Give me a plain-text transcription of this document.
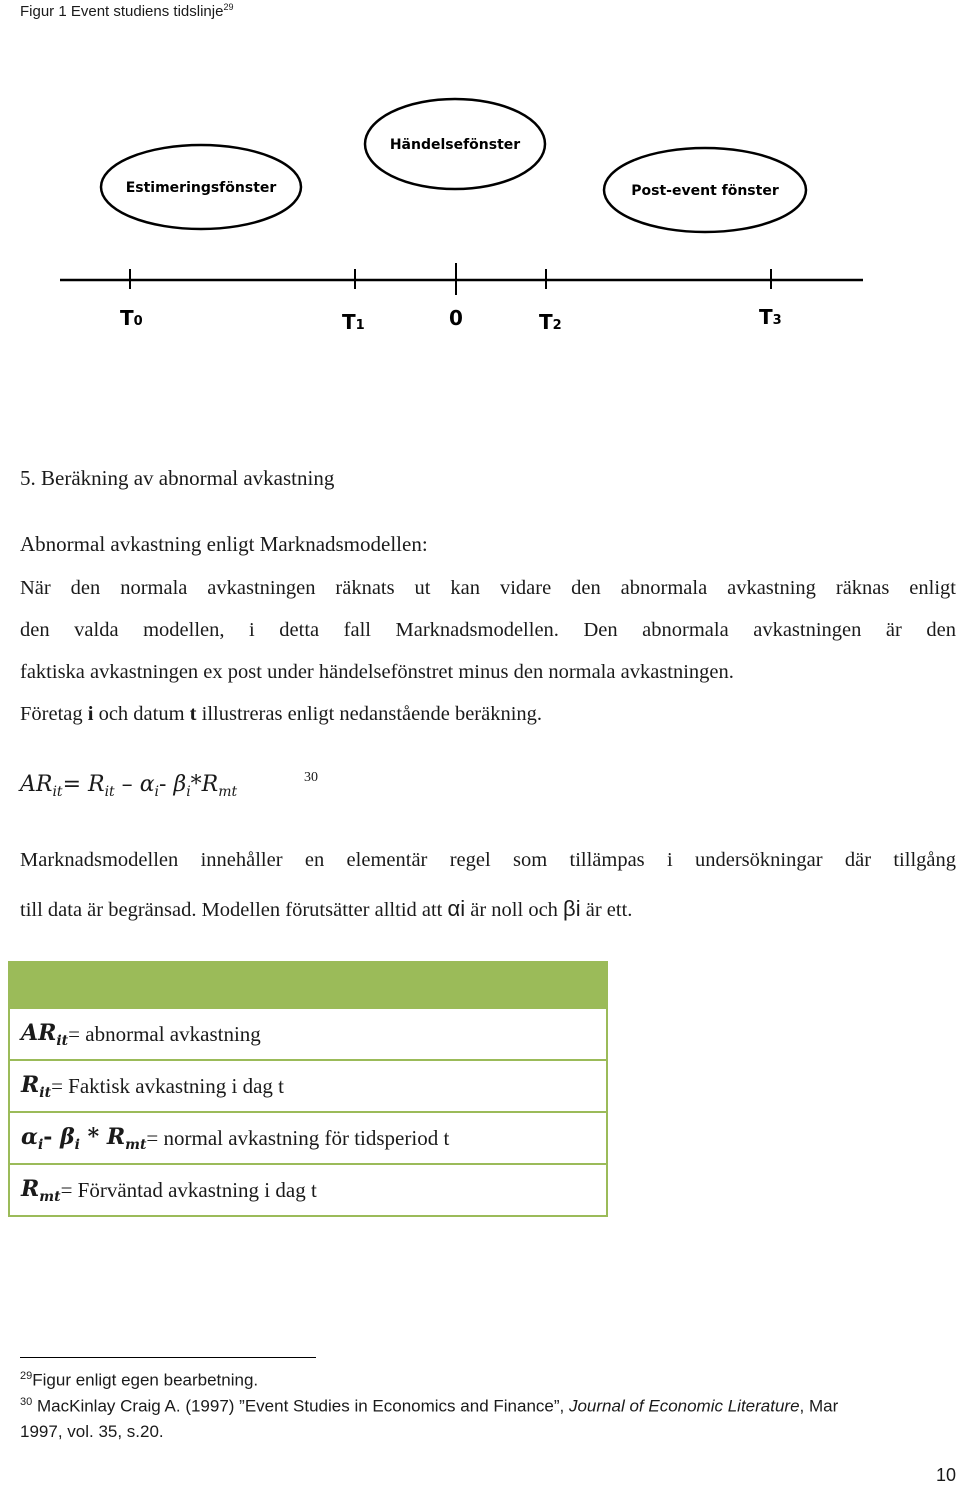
Figur 1 Event studiens tidslinje$^{29}$
Estimeringsfönster
Händelsefönster
Post-event fönster
T0	T1	0	T2	T3
5. Beräkning av abnormal avkastning
Abnormal avkastning enligt Marknadsmodellen:
När den normala avkastningen räknats ut kan vidare den abnormala avkastning räknas enligt
den valda modellen, i detta fall Marknadsmodellen. Den abnormala avkastningen är den
faktiska avkastningen ex post under händelsefönstret minus den normala avkastningen.
Företag i och datum t illustreras enligt nedanstående beräkning.
$AR_{it}= R_{it} - \alpha_i-$ $\beta_i*R_{mt}$
30
Marknadsmodellen innehåller en elementär regel som tillämpas i undersökningar där tillgång
till data är begränsad. Modellen förutsätter alltid att αi är noll och βi är ett.
$AR_{it}$ = abnormal avkastning
$R_{it}$ = Faktisk avkastning i dag t
$\alpha_i-$ $\beta_i * R_{mt}$ = normal avkastning för tidsperiod t
$R_{mt}$ = Förväntad avkastning i dag t
$^{29}$Figur enligt egen bearbetning.
$^{30}$ MacKinlay Craig A. (1997) ”Event Studies in Economics and Finance”, Journal of Economic Literature, Mar
1997, vol. 35, s.20.
10
